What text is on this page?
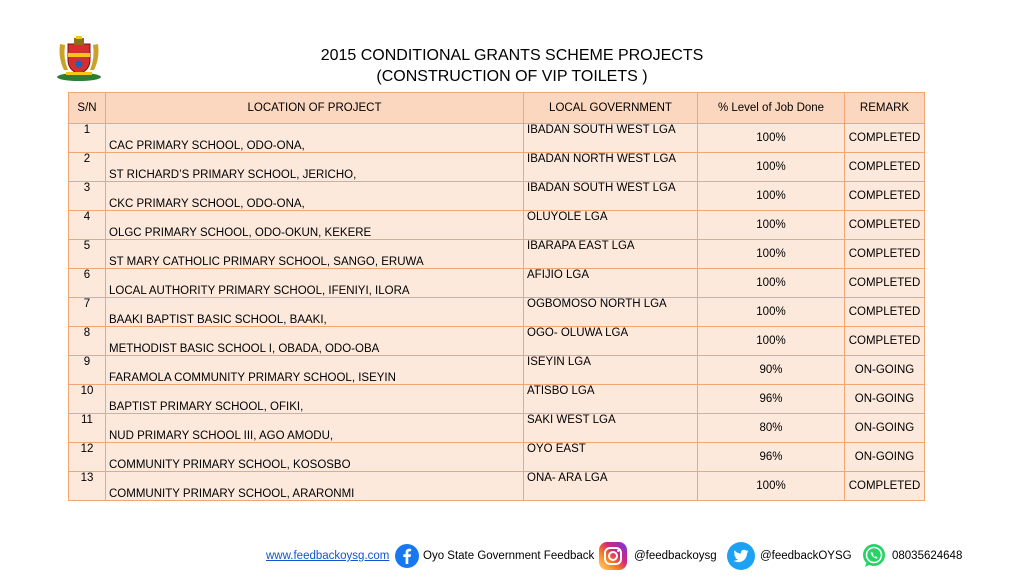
2015 CONDITIONAL GRANTS SCHEME PROJECTS
(CONSTRUCTION OF VIP TOILETS )
S/N	LOCATION OF PROJECT	LOCAL GOVERNMENT	% Level of Job Done	REMARK
1	CAC PRIMARY SCHOOL, ODO-ONA,	IBADAN SOUTH WEST LGA	100%	COMPLETED
2	ST RICHARD’S PRIMARY SCHOOL, JERICHO,	IBADAN NORTH WEST LGA	100%	COMPLETED
3	CKC PRIMARY SCHOOL, ODO-ONA,	IBADAN SOUTH WEST LGA	100%	COMPLETED
4	OLGC PRIMARY SCHOOL, ODO-OKUN, KEKERE	OLUYOLE LGA	100%	COMPLETED
5	ST MARY CATHOLIC PRIMARY SCHOOL, SANGO, ERUWA	IBARAPA EAST LGA	100%	COMPLETED
6	LOCAL AUTHORITY PRIMARY SCHOOL, IFENIYI, ILORA	AFIJIO LGA	100%	COMPLETED
7	BAAKI BAPTIST BASIC SCHOOL, BAAKI,	OGBOMOSO NORTH LGA	100%	COMPLETED
8	METHODIST BASIC SCHOOL I, OBADA, ODO-OBA	OGO- OLUWA LGA	100%	COMPLETED
9	FARAMOLA COMMUNITY PRIMARY SCHOOL, ISEYIN	ISEYIN LGA	90%	ON-GOING
10	BAPTIST PRIMARY SCHOOL, OFIKI,	ATISBO LGA	96%	ON-GOING
11	NUD PRIMARY SCHOOL III, AGO AMODU,	SAKI WEST LGA	80%	ON-GOING
12	COMMUNITY PRIMARY SCHOOL, KOSOSBO	OYO EAST	96%	ON-GOING
13	COMMUNITY PRIMARY SCHOOL, ARARONMI	ONA- ARA LGA	100%	COMPLETED
www.feedbackoysg.com	Oyo State Government Feedback	@feedbackoysg	@feedbackOYSG	08035624648
